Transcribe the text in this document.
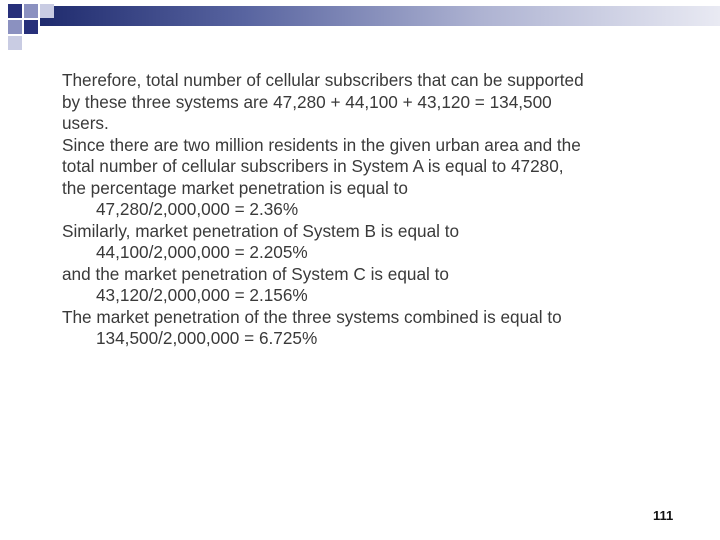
Therefore, total number of cellular subscribers that can be supported
by these three systems are 47,280 + 44,100 + 43,120 = 134,500
users.
Since there are two million residents in the given urban area and the
total number of cellular subscribers in System A is equal to 47280,
the percentage market penetration is equal to
47,280/2,000,000 = 2.36%
Similarly, market penetration of System B is equal to
44,100/2,000,000 = 2.205%
and the market penetration of System C is equal to
43,120/2,000,000 = 2.156%
The market penetration of the three systems combined is equal to
134,500/2,000,000 = 6.725%
111
